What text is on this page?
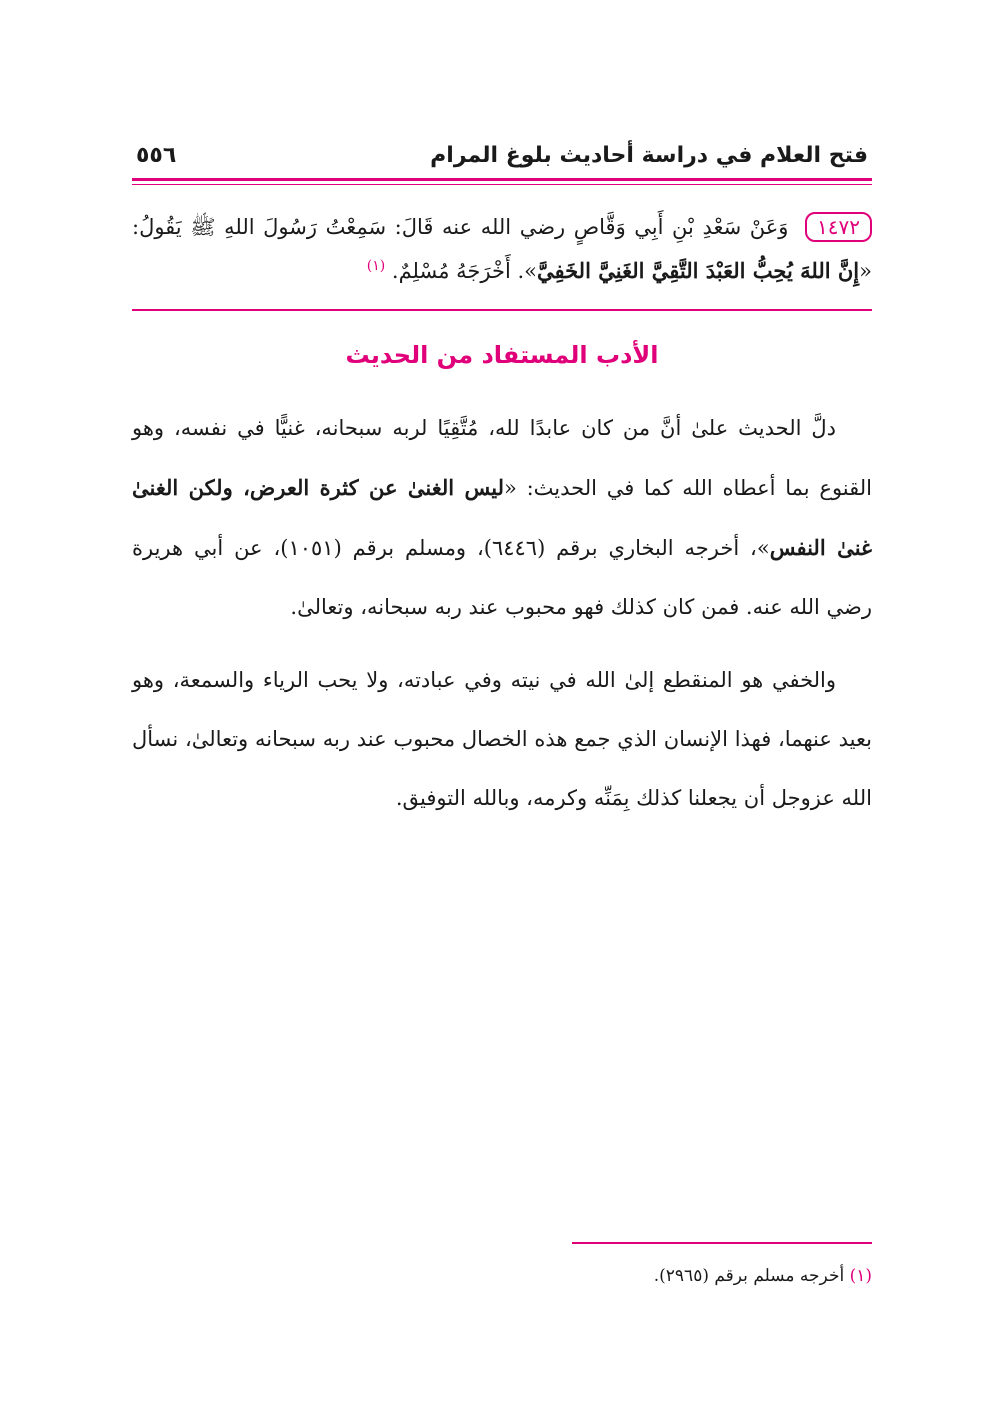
فتح العلام في دراسة أحاديث بلوغ المرام
٥٥٦
١٤٧٢ وَعَنْ سَعْدِ بْنِ أَبِي وَقَّاصٍ رضي الله عنه قَالَ: سَمِعْتُ رَسُولَ اللهِ ﷺ يَقُولُ: «إِنَّ اللهَ يُحِبُّ العَبْدَ التَّقِيَّ الغَنِيَّ الخَفِيَّ». أَخْرَجَهُ مُسْلِمٌ. $^{(١)}$
الأدب المستفاد من الحديث
دلَّ الحديث علىٰ أنَّ من كان عابدًا لله، مُتَّقِيًا لربه سبحانه، غنيًّا في نفسه، وهو القنوع بما أعطاه الله كما في الحديث: «ليس الغنىٰ عن كثرة العرض، ولكن الغنىٰ غنىٰ النفس»، أخرجه البخاري برقم (٦٤٤٦)، ومسلم برقم (١٠٥١)، عن أبي هريرة رضي الله عنه. فمن كان كذلك فهو محبوب عند ربه سبحانه، وتعالىٰ.
والخفي هو المنقطع إلىٰ الله في نيته وفي عبادته، ولا يحب الرياء والسمعة، وهو بعيد عنهما، فهذا الإنسان الذي جمع هذه الخصال محبوب عند ربه سبحانه وتعالىٰ، نسأل الله عزوجل أن يجعلنا كذلك بِمَنِّه وكرمه، وبالله التوفيق.
(١) أخرجه مسلم برقم (٢٩٦٥).
